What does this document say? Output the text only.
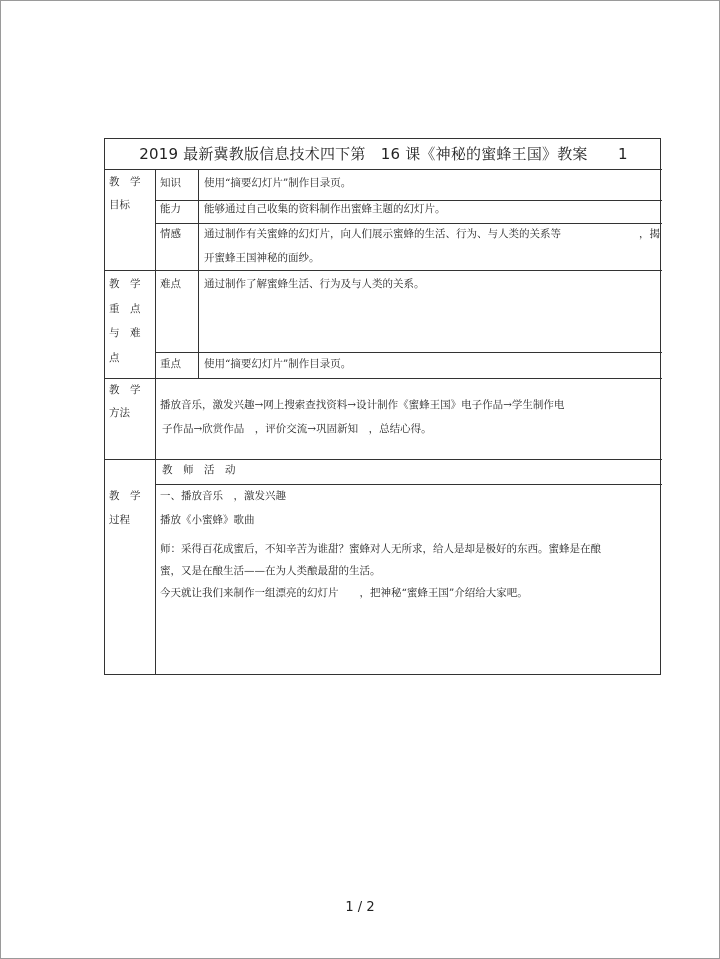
2019 最新冀教版信息技术四下第　16 课《神秘的蜜蜂王国》教案　　1
教　学
目标
知识 使用“摘要幻灯片”制作目录页。
能力 能够通过自己收集的资料制作出蜜蜂主题的幻灯片。
情感 通过制作有关蜜蜂的幻灯片，向人们展示蜜蜂的生活、行为、与人类的关系等	，揭
开蜜蜂王国神秘的面纱。
教　学
重　点
与　难
点
难点 通过制作了解蜜蜂生活、行为及与人类的关系。
重点 使用“摘要幻灯片”制作目录页。
教　学
方法
播放音乐，激发兴趣→网上搜索查找资料→设计制作《蜜蜂王国》电子作品→学生制作电
子作品→欣赏作品　，评价交流→巩固新知　，总结心得。
教　师　活　动
教　学
过程
一、播放音乐　，激发兴趣
播放《小蜜蜂》歌曲
师：采得百花成蜜后，不知辛苦为谁甜？蜜蜂对人无所求，给人是却是极好的东西。蜜蜂是在酿
蜜，又是在酿生活——在为人类酿最甜的生活。
今天就让我们来制作一组漂亮的幻灯片　　，把神秘“蜜蜂王国”介绍给大家吧。
1 / 2
